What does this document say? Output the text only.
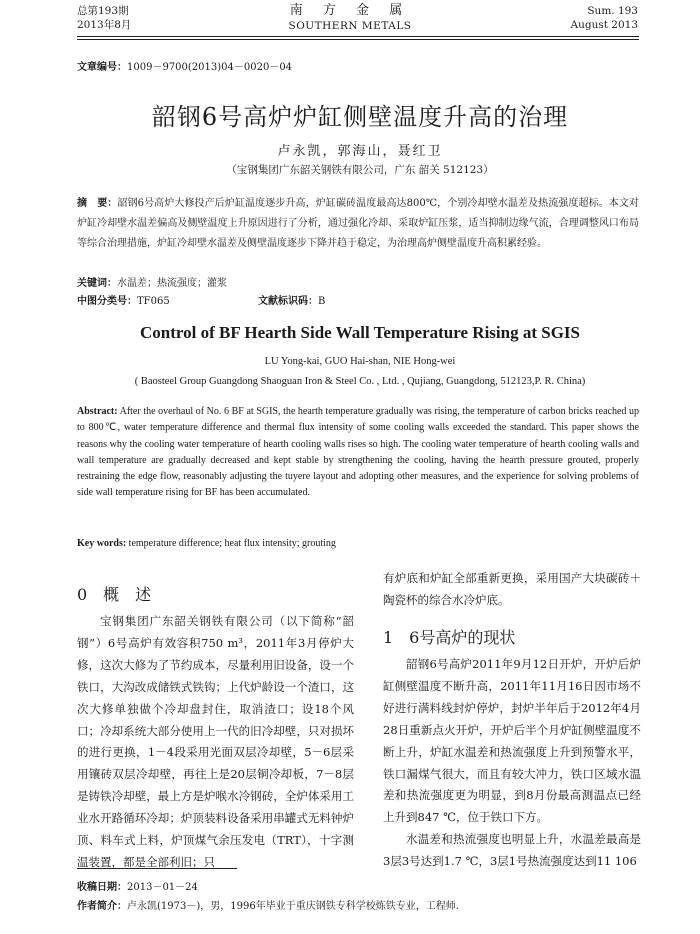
总第193期
2013年8月
南 方 金 属
SOUTHERN METALS
Sum. 193
August 2013
文章编号：1009－9700(2013)04－0020－04
韶钢6号高炉炉缸侧壁温度升高的治理
卢永凯，郭海山，聂红卫
（宝钢集团广东韶关钢铁有限公司，广东 韶关 512123）
摘　要：韶钢6号高炉大修投产后炉缸温度逐步升高，炉缸碳砖温度最高达800℃，个别冷却壁水温差及热流强度超标。本文对炉缸冷却壁水温差偏高及侧壁温度上升原因进行了分析，通过强化冷却、采取炉缸压浆，适当抑制边缘气流，合理调整风口布局等综合治理措施，炉缸冷却壁水温差及侧壁温度逐步下降并趋于稳定，为治理高炉侧壁温度升高积累经验。
关键词：水温差；热流强度；灌浆
中图分类号：TF065	文献标识码：B
Control of BF Hearth Side Wall Temperature Rising at SGIS
LU Yong-kai, GUO Hai-shan, NIE Hong-wei
( Baosteel Group Guangdong Shaoguan Iron & Steel Co. , Ltd. , Qujiang, Guangdong, 512123,P. R. China)
Abstract: After the overhaul of No. 6 BF at SGIS, the hearth temperature gradually was rising, the temperature of carbon bricks reached up to 800℃, water temperature difference and thermal flux intensity of some cooling walls exceeded the standard. This paper shows the reasons why the cooling water temperature of hearth cooling walls rises so high. The cooling water temperature of hearth cooling walls and wall temperature are gradually decreased and kept stable by strengthening the cooling, having the hearth pressure grouted, properly restraining the edge flow, reasonably adjusting the tuyere layout and adopting other measures, and the experience for solving problems of side wall temperature rising for BF has been accumulated.
Key words: temperature difference; heat flux intensity; grouting
0　概　述

宝钢集团广东韶关钢铁有限公司（以下简称“韶钢”）6号高炉有效容积750 m³，2011年3月停炉大修，这次大修为了节约成本，尽量利用旧设备，设一个铁口，大沟改成储铁式铁钩；上代炉龄设一个渣口，这次大修单独做个冷却盘封住，取消渣口；设18个风口；冷却系统大部分使用上一代的旧冷却壁，只对损坏的进行更换，1－4段采用光面双层冷却壁，5－6层采用镶砖双层冷却壁，再往上是20层铜冷却板，7－8层是铸铁冷却壁，最上方是炉喉水冷钢砖，全炉体采用工业水开路循环冷却；炉顶装料设备采用串罐式无料钟炉顶、料车式上料，炉顶煤气余压发电（TRT），十字测温装置，都是全部利旧；只

有炉底和炉缸全部重新更换，采用国产大块碳砖＋陶瓷杯的综合水冷炉底。
1　6号高炉的现状

韶钢6号高炉2011年9月12日开炉，开炉后炉缸侧壁温度不断升高，2011年11月16日因市场不好进行满料线封炉停炉，封炉半年后于2012年4月28日重新点火开炉，开炉后半个月炉缸侧壁温度不断上升，炉缸水温差和热流强度上升到预警水平，铁口漏煤气很大，而且有较大冲力，铁口区域水温差和热流强度更为明显，到8月份最高测温点已经上升到847 ℃，位于铁口下方。

水温差和热流强度也明显上升，水温差最高是3层3号达到1.7 ℃，3层1号热流强度达到11 106

收稿日期：2013－01－24
作者简介：卢永凯(1973－)，男，1996年毕业于重庆钢铁专科学校炼铁专业，工程师.
